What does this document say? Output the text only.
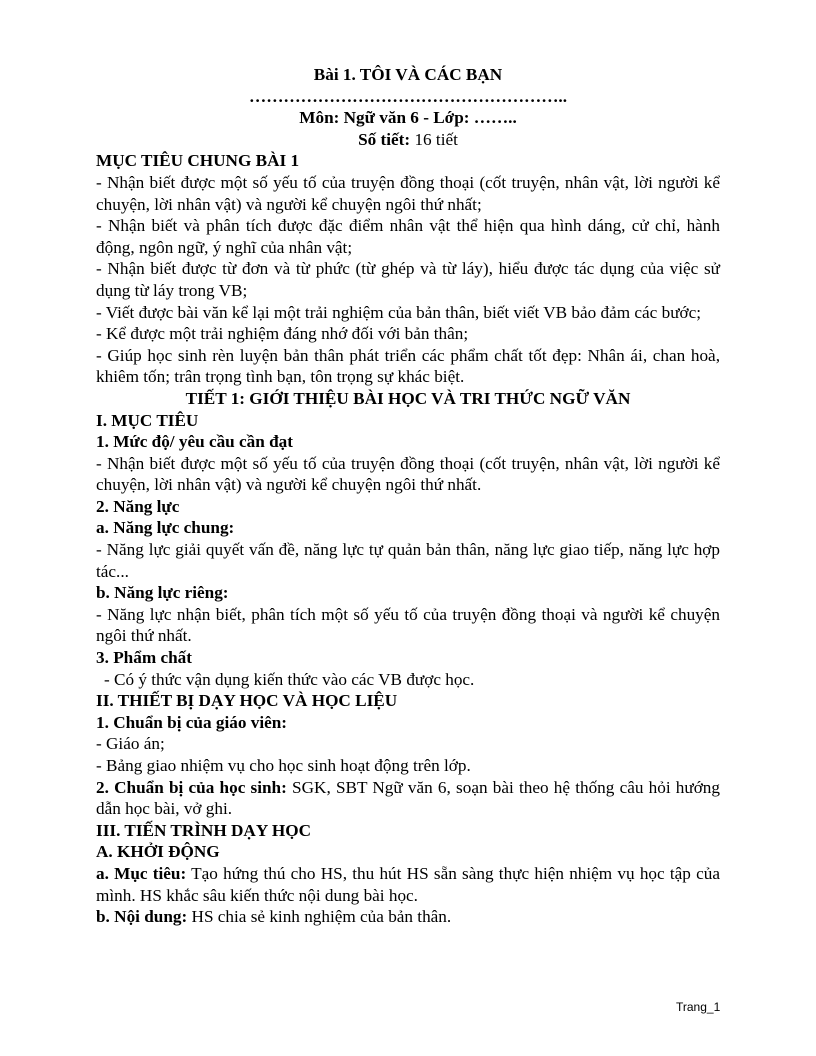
Bài 1. TÔI VÀ CÁC BẠN
………………………………………………..
Môn: Ngữ văn 6 - Lớp: ……..
Số tiết: 16 tiết
MỤC TIÊU CHUNG BÀI 1
- Nhận biết được một số yếu tố của truyện đồng thoại (cốt truyện, nhân vật, lời người kể chuyện, lời nhân vật) và người kể chuyện ngôi thứ nhất;
- Nhận biết và phân tích được đặc điểm nhân vật thể hiện qua hình dáng, cử chỉ, hành động, ngôn ngữ, ý nghĩ của nhân vật;
- Nhận biết được từ đơn và từ phức (từ ghép và từ láy), hiểu được tác dụng của việc sử dụng từ láy trong VB;
- Viết được bài văn kể lại một trải nghiệm của bản thân, biết viết VB bảo đảm các bước;
- Kể được một trải nghiệm đáng nhớ đối với bản thân;
- Giúp học sinh rèn luyện bản thân phát triển các phẩm chất tốt đẹp: Nhân ái, chan hoà, khiêm tốn; trân trọng tình bạn, tôn trọng sự khác biệt.
TIẾT 1: GIỚI THIỆU BÀI HỌC VÀ TRI THỨC NGỮ VĂN
I. MỤC TIÊU
1. Mức độ/ yêu cầu cần đạt
- Nhận biết được một số yếu tố của truyện đồng thoại (cốt truyện, nhân vật, lời người kể chuyện, lời nhân vật) và người kể chuyện ngôi thứ nhất.
2. Năng lực
a. Năng lực chung:
- Năng lực giải quyết vấn đề, năng lực tự quản bản thân, năng lực giao tiếp, năng lực hợp tác...
b. Năng lực riêng:
- Năng lực nhận biết, phân tích một số yếu tố của truyện đồng thoại và người kể chuyện ngôi thứ nhất.
3. Phẩm chất
- Có ý thức vận dụng kiến thức vào các VB được học.
II. THIẾT BỊ DẠY HỌC VÀ HỌC LIỆU
1. Chuẩn bị của giáo viên:
- Giáo án;
- Bảng giao nhiệm vụ cho học sinh hoạt động trên lớp.
2. Chuẩn bị của học sinh: SGK, SBT Ngữ văn 6, soạn bài theo hệ thống câu hỏi hướng dẫn học bài, vở ghi.
III. TIẾN TRÌNH DẠY HỌC
A. KHỞI ĐỘNG
a. Mục tiêu: Tạo hứng thú cho HS, thu hút HS sẵn sàng thực hiện nhiệm vụ học tập của mình. HS khắc sâu kiến thức nội dung bài học.
b. Nội dung: HS chia sẻ kinh nghiệm của bản thân.
Trang_1
